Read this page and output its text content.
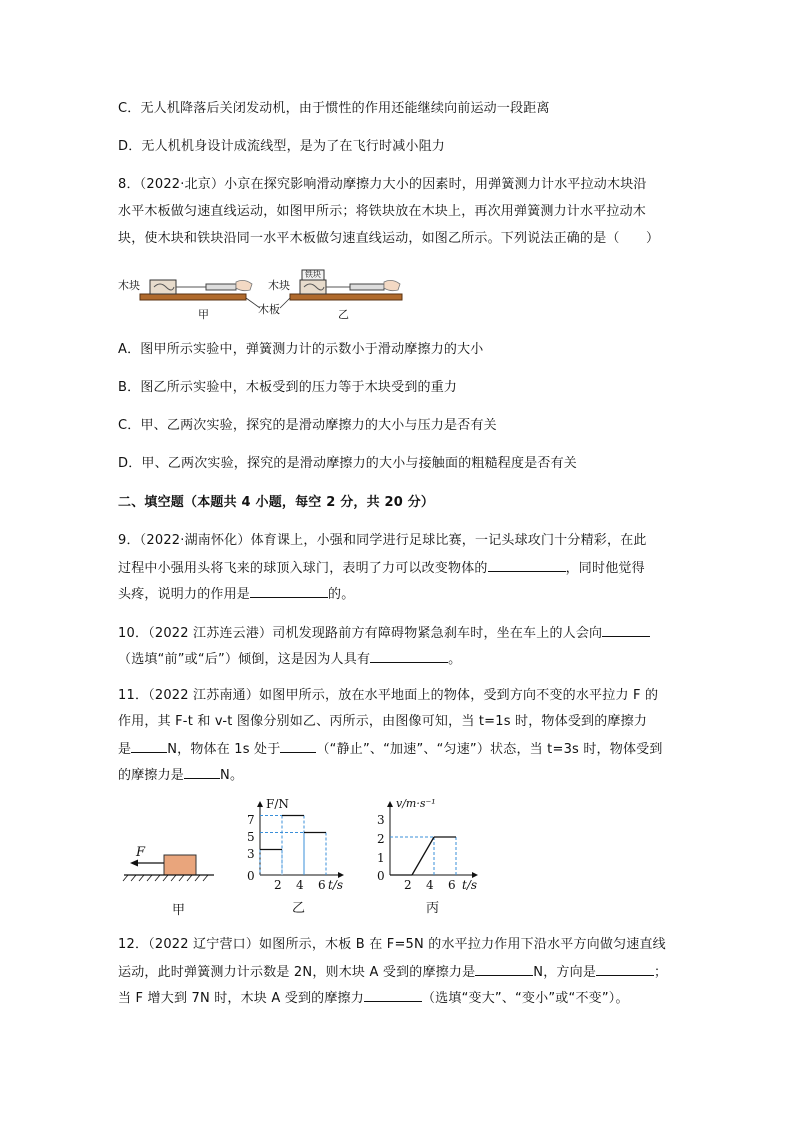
C．无人机降落后关闭发动机，由于惯性的作用还能继续向前运动一段距离
D．无人机机身设计成流线型，是为了在飞行时减小阻力
8．（2022·北京）小京在探究影响滑动摩擦力大小的因素时，用弹簧测力计水平拉动木块沿
水平木板做匀速直线运动，如图甲所示；将铁块放在木块上，再次用弹簧测力计水平拉动木
块，使木块和铁块沿同一水平木板做匀速直线运动，如图乙所示。下列说法正确的是（　　）
木块	木块
铁块
木板
甲	乙
A．图甲所示实验中，弹簧测力计的示数小于滑动摩擦力的大小
B．图乙所示实验中，木板受到的压力等于木块受到的重力
C．甲、乙两次实验，探究的是滑动摩擦力的大小与压力是否有关
D．甲、乙两次实验，探究的是滑动摩擦力的大小与接触面的粗糙程度是否有关
二、填空题（本题共 4 小题，每空 2 分，共 20 分）
9．（2022·湖南怀化）体育课上，小强和同学进行足球比赛，一记头球攻门十分精彩，在此
过程中小强用头将飞来的球顶入球门，表明了力可以改变物体的	，同时他觉得
头疼，说明力的作用是	的。
10．（2022 江苏连云港）司机发现路前方有障碍物紧急刹车时，坐在车上的人会向
（选填“前”或“后”）倾倒，这是因为人具有	。
11．（2022 江苏南通）如图甲所示，放在水平地面上的物体，受到方向不变的水平拉力 F 的
作用，其 F-t 和 v-t 图像分别如乙、丙所示，由图像可知，当 t=1s 时，物体受到的摩擦力
是	N，物体在 1s 处于	（“静止”、“加速”、“匀速”）状态，当 t=3s 时，物体受到
的摩擦力是	N。
F
甲
F/N
t/s
7
5
3
0
2 4 6
乙
v/m·s⁻¹
t/s
3
2
1
0
2 4 6
丙
12．（2022 辽宁营口）如图所示，木板 B 在 F=5N 的水平拉力作用下沿水平方向做匀速直线
运动，此时弹簧测力计示数是 2N，则木块 A 受到的摩擦力是	N，方向是	；
当 F 增大到 7N 时，木块 A 受到的摩擦力	（选填“变大”、“变小”或“不变”）。
